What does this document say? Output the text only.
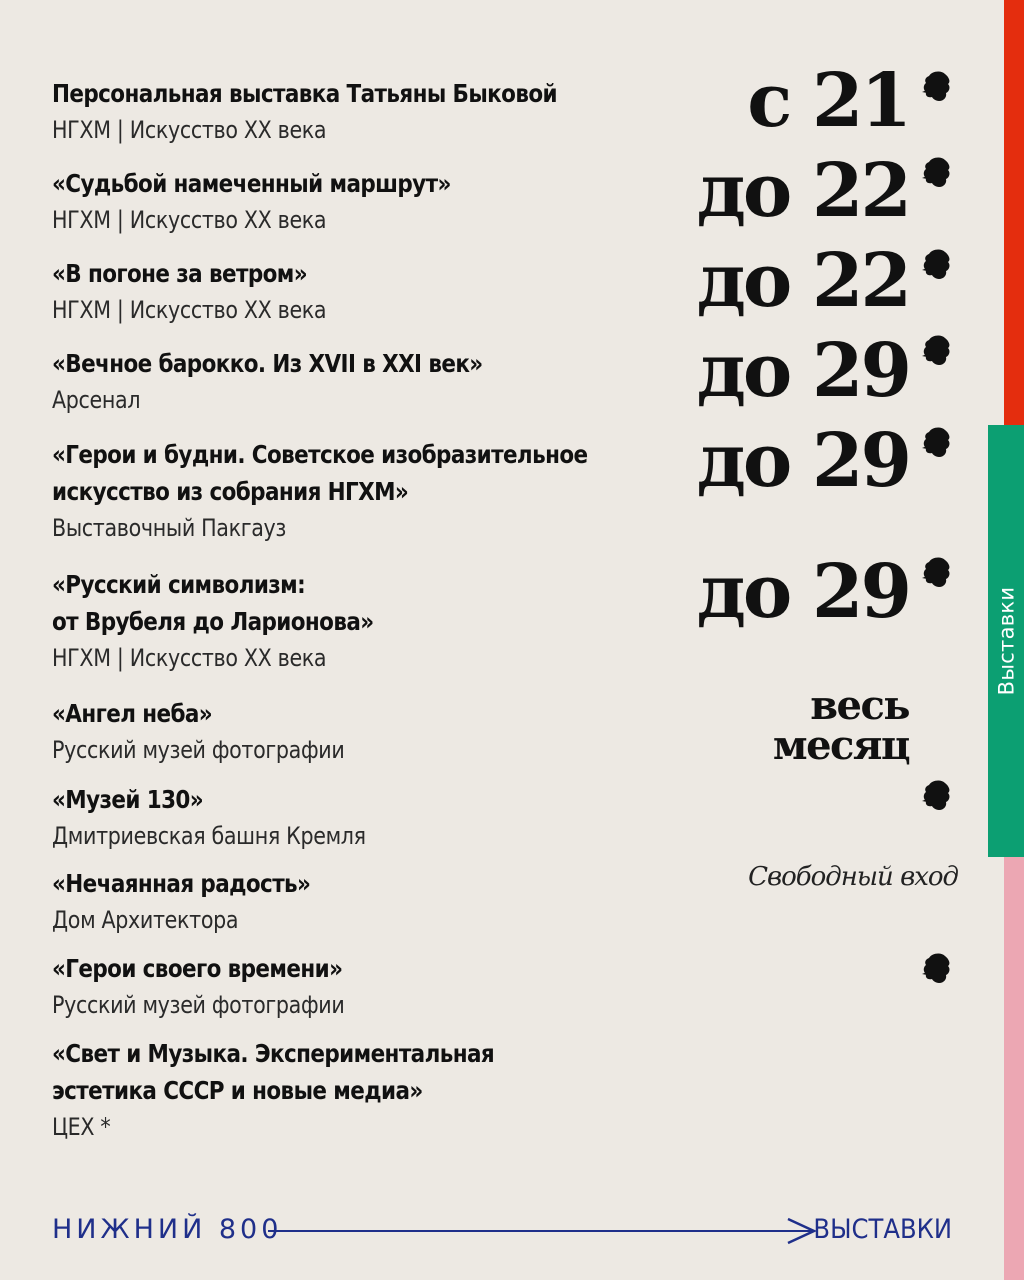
Выставки
Персональная выставка Татьяны Быковой
НГХМ | Искусство XX века
«Судьбой намеченный маршрут»
НГХМ | Искусство XX века
«В погоне за ветром»
НГХМ | Искусство XX века
«Вечное барокко. Из XVII в XXI век»
Арсенал
«Герои и будни. Советское изобразительное
искусство из собрания НГХМ»
Выставочный Пакгауз
«Русский символизм:
от Врубеля до Ларионова»
НГХМ | Искусство XX века
«Ангел неба»
Русский музей фотографии
«Музей 130»
Дмитриевская башня Кремля
«Нечаянная радость»
Дом Архитектора
«Герои своего времени»
Русский музей фотографии
«Свет и Музыка. Экспериментальная
эстетика СССР и новые медиа»
ЦЕХ *
с 21
до 22
до 22
до 29
до 29
до 29
весь
месяц
Свободный вход
НИЖНИЙ 800	ВЫСТАВКИ
